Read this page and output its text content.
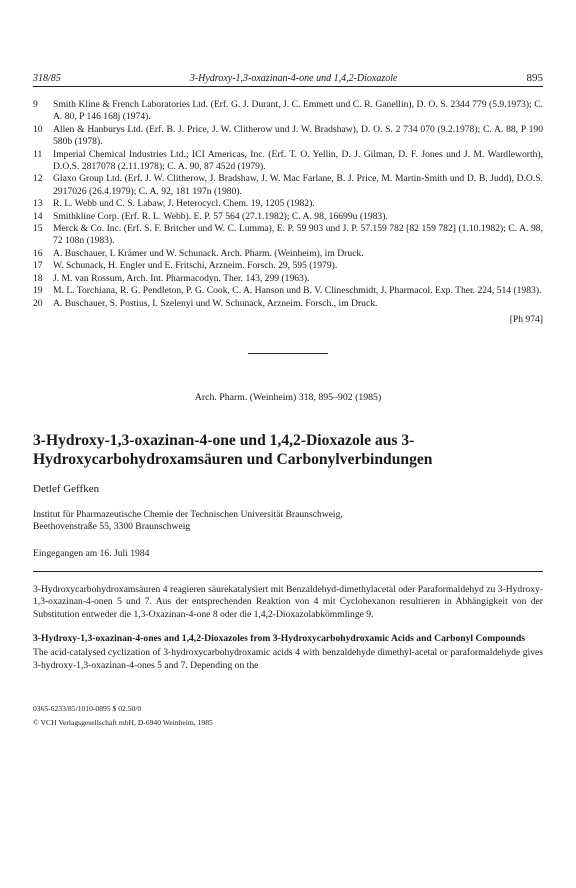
318/85	3-Hydroxy-1,3-oxazinan-4-one und 1,4,2-Dioxazole	895
9	Smith Kline & French Laboratories Ltd. (Erf. G. J. Durant, J. C. Emmett und C. R. Ganellin), D. O. S. 2344 779 (5.9.1973); C. A. 80, P 146 168j (1974).
10	Allen & Hanburys Ltd. (Erf. B. J. Price, J. W. Clitherow und J. W. Bradshaw), D. O. S. 2 734 070 (9.2.1978); C. A. 88, P 190 580b (1978).
11	Imperial Chemical Industries Ltd.; ICI Americas, Inc. (Erf. T. O. Yellin, D. J. Gilman, D. F. Jones und J. M. Wardleworth), D.O.S. 2817078 (2.11.1978); C. A. 90, 87 452d (1979).
12	Glaxo Group Ltd. (Erf. J. W. Clitherow, J. Bradshaw, J. W. Mac Farlane, B. J. Price, M. Martin-Smith und D. B. Judd), D.O.S. 2917026 (26.4.1979); C. A. 92, 181 197n (1980).
13	R. L. Webb und C. S. Labaw, J. Heterocycl. Chem. 19, 1205 (1982).
14	Smithkline Corp. (Erf. R. L. Webb). E. P. 57 564 (27.1.1982); C. A. 98, 16699u (1983).
15	Merck & Co. Inc. (Erf. S. F. Britcher und W. C. Lumma), E. P. 59 903 und J. P. 57.159 782 [82 159 782] (1.10.1982); C. A. 98, 72 108n (1983).
16	A. Buschauer, I. Krämer und W. Schunack. Arch. Pharm. (Weinheim), im Druck.
17	W. Schunack, H. Engler und E. Fritschi, Arzneim. Forsch. 29, 595 (1979).
18	J. M. van Rossum, Arch. Int. Pharmacodyn. Ther. 143, 299 (1963).
19	M. L. Torchiana, R. G. Pendleton, P. G. Cook, C. A. Hanson und B. V. Clineschmidt, J. Pharmacol. Exp. Ther. 224, 514 (1983).
20	A. Buschauer, S. Postius, I. Szelenyi und W. Schunack, Arzneim. Forsch., im Druck.
[Ph 974]
Arch. Pharm. (Weinheim) 318, 895–902 (1985)
3-Hydroxy-1,3-oxazinan-4-one und 1,4,2-Dioxazole aus 3-Hydroxycarbohydroxamsäuren und Carbonylverbindungen
Detlef Geffken
Institut für Pharmazeutische Chemie der Technischen Universität Braunschweig,
Beethovenstraße 55, 3300 Braunschweig
Eingegangen am 16. Juli 1984
3-Hydroxycarbohydroxamsäuren 4 reagieren säurekatalysiert mit Benzaldehyd-dimethylacetal oder Paraformaldehyd zu 3-Hydroxy-1,3-oxazinan-4-onen 5 und 7. Aus der entsprechenden Reaktion von 4 mit Cyclohexanon resultieren in Abhängigkeit von der Substitution entweder die 1,3-Oxazinan-4-one 8 oder die 1,4,2-Dioxazolabkömmlinge 9.
3-Hydroxy-1,3-oxazinan-4-ones and 1,4,2-Dioxazoles from 3-Hydroxycarbohydroxamic Acids and Carbonyl Compounds
The acid-catalysed cyclization of 3-hydroxycarbohydroxamic acids 4 with benzaldehyde dimethyl-acetal or paraformaldehyde gives 3-hydroxy-1,3-oxazinan-4-ones 5 and 7. Depending on the
0365-6233/85/1010-0895 $ 02.50/0
© VCH Verlagsgesellschaft mbH, D-6940 Weinheim, 1985
